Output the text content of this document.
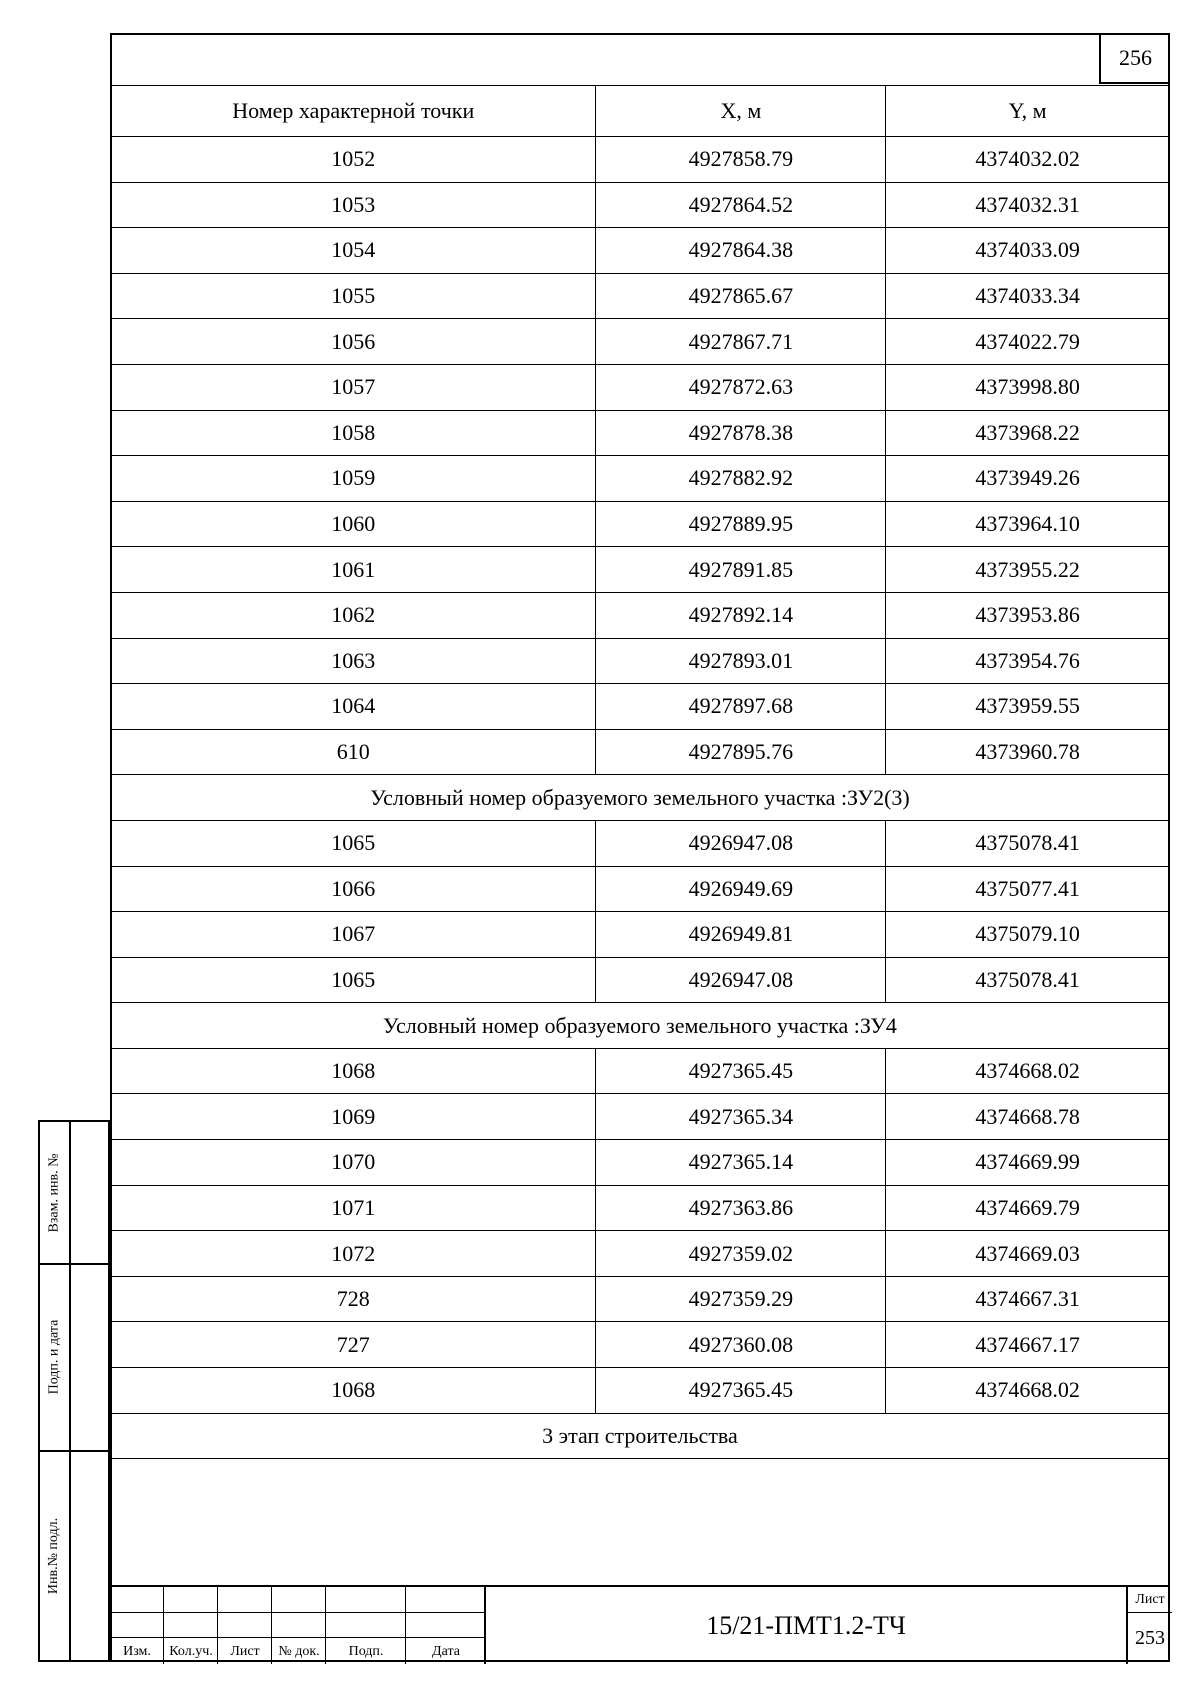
256
Номер характерной точки	X, м	Y, м
1052	4927858.79	4374032.02
1053	4927864.52	4374032.31
1054	4927864.38	4374033.09
1055	4927865.67	4374033.34
1056	4927867.71	4374022.79
1057	4927872.63	4373998.80
1058	4927878.38	4373968.22
1059	4927882.92	4373949.26
1060	4927889.95	4373964.10
1061	4927891.85	4373955.22
1062	4927892.14	4373953.86
1063	4927893.01	4373954.76
1064	4927897.68	4373959.55
610	4927895.76	4373960.78
Условный номер образуемого земельного участка :ЗУ2(3)		
1065	4926947.08	4375078.41
1066	4926949.69	4375077.41
1067	4926949.81	4375079.10
1065	4926947.08	4375078.41
Условный номер образуемого земельного участка :ЗУ4		
1068	4927365.45	4374668.02
1069	4927365.34	4374668.78
1070	4927365.14	4374669.99
1071	4927363.86	4374669.79
1072	4927359.02	4374669.03
728	4927359.29	4374667.31
727	4927360.08	4374667.17
1068	4927365.45	4374668.02
3 этап строительства		

Взам. инв. №
Подп. и дата
Инв.№ подл.
Изм.	Кол.уч.	Лист	№ док.	Подп.	Дата
15/21-ПМТ1.2-ТЧ
Лист
253
